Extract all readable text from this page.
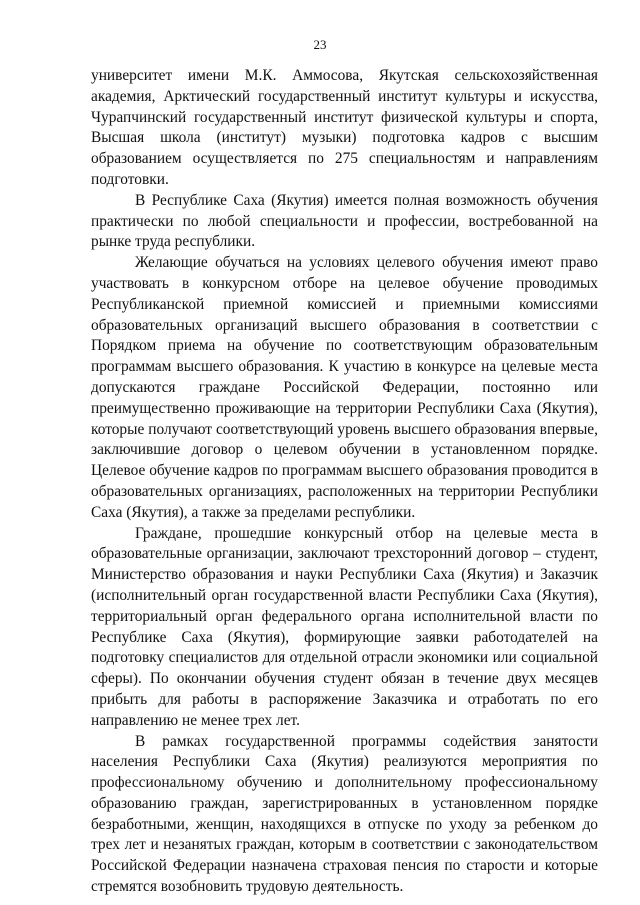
23

университет имени М.К. Аммосова, Якутская сельскохозяйственная академия, Арктический государственный институт культуры и искусства, Чурапчинский государственный институт физической культуры и спорта, Высшая школа (институт) музыки) подготовка кадров с высшим образованием осуществляется по 275 специальностям и направлениям подготовки.

В Республике Саха (Якутия) имеется полная возможность обучения практически по любой специальности и профессии, востребованной на рынке труда республики.

Желающие обучаться на условиях целевого обучения имеют право участвовать в конкурсном отборе на целевое обучение проводимых Республиканской приемной комиссией и приемными комиссиями образовательных организаций высшего образования в соответствии с Порядком приема на обучение по соответствующим образовательным программам высшего образования. К участию в конкурсе на целевые места допускаются граждане Российской Федерации, постоянно или преимущественно проживающие на территории Республики Саха (Якутия), которые получают соответствующий уровень высшего образования впервые, заключившие договор о целевом обучении в установленном порядке. Целевое обучение кадров по программам высшего образования проводится в образовательных организациях, расположенных на территории Республики Саха (Якутия), а также за пределами республики.

Граждане, прошедшие конкурсный отбор на целевые места в образовательные организации, заключают трехсторонний договор – студент, Министерство образования и науки Республики Саха (Якутия) и Заказчик (исполнительный орган государственной власти Республики Саха (Якутия), территориальный орган федерального органа исполнительной власти по Республике Саха (Якутия), формирующие заявки работодателей на подготовку специалистов для отдельной отрасли экономики или социальной сферы). По окончании обучения студент обязан в течение двух месяцев прибыть для работы в распоряжение Заказчика и отработать по его направлению не менее трех лет.

В рамках государственной программы содействия занятости населения Республики Саха (Якутия) реализуются мероприятия по профессиональному обучению и дополнительному профессиональному образованию граждан, зарегистрированных в установленном порядке безработными, женщин, находящихся в отпуске по уходу за ребенком до трех лет и незанятых граждан, которым в соответствии с законодательством Российской Федерации назначена страховая пенсия по старости и которые стремятся возобновить трудовую деятельность.
